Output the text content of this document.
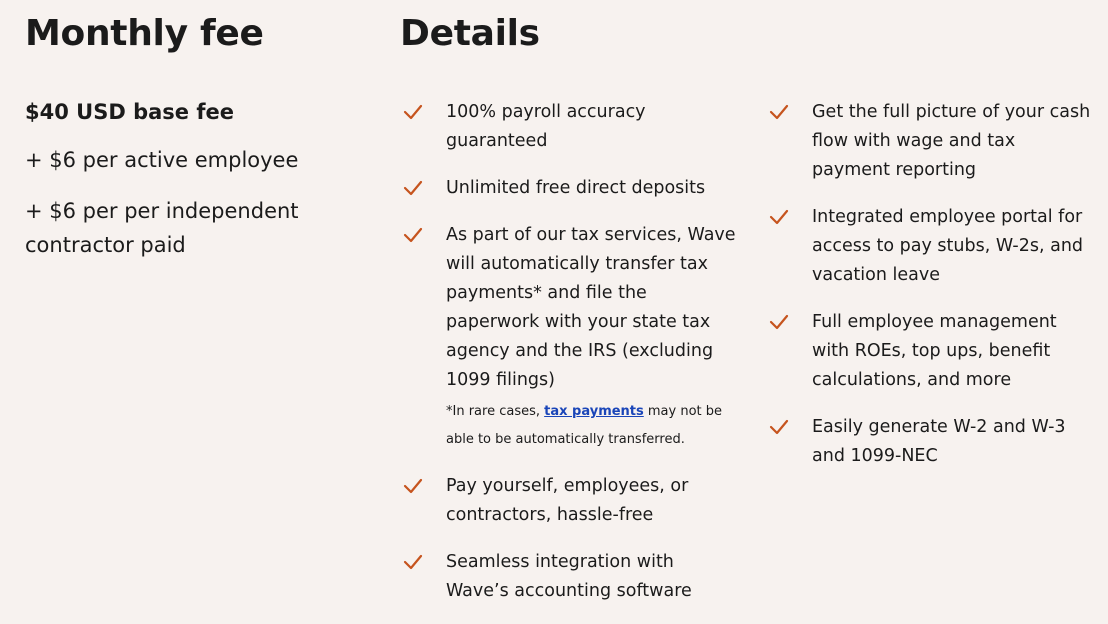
Monthly fee
$40 USD base fee
+ $6 per active employee
+ $6 per per independent contractor paid
Details
100% payroll accuracy guaranteed
Unlimited free direct deposits
As part of our tax services, Wave will automatically transfer tax payments* and file the paperwork with your state tax agency and the IRS (excluding 1099 filings)
*In rare cases, tax payments may not be able to be automatically transferred.
Pay yourself, employees, or contractors, hassle-free
Seamless integration with Wave’s accounting software
Get the full picture of your cash flow with wage and tax payment reporting
Integrated employee portal for access to pay stubs, W-2s, and vacation leave
Full employee management with ROEs, top ups, benefit calculations, and more
Easily generate W-2 and W-3 and 1099-NEC
